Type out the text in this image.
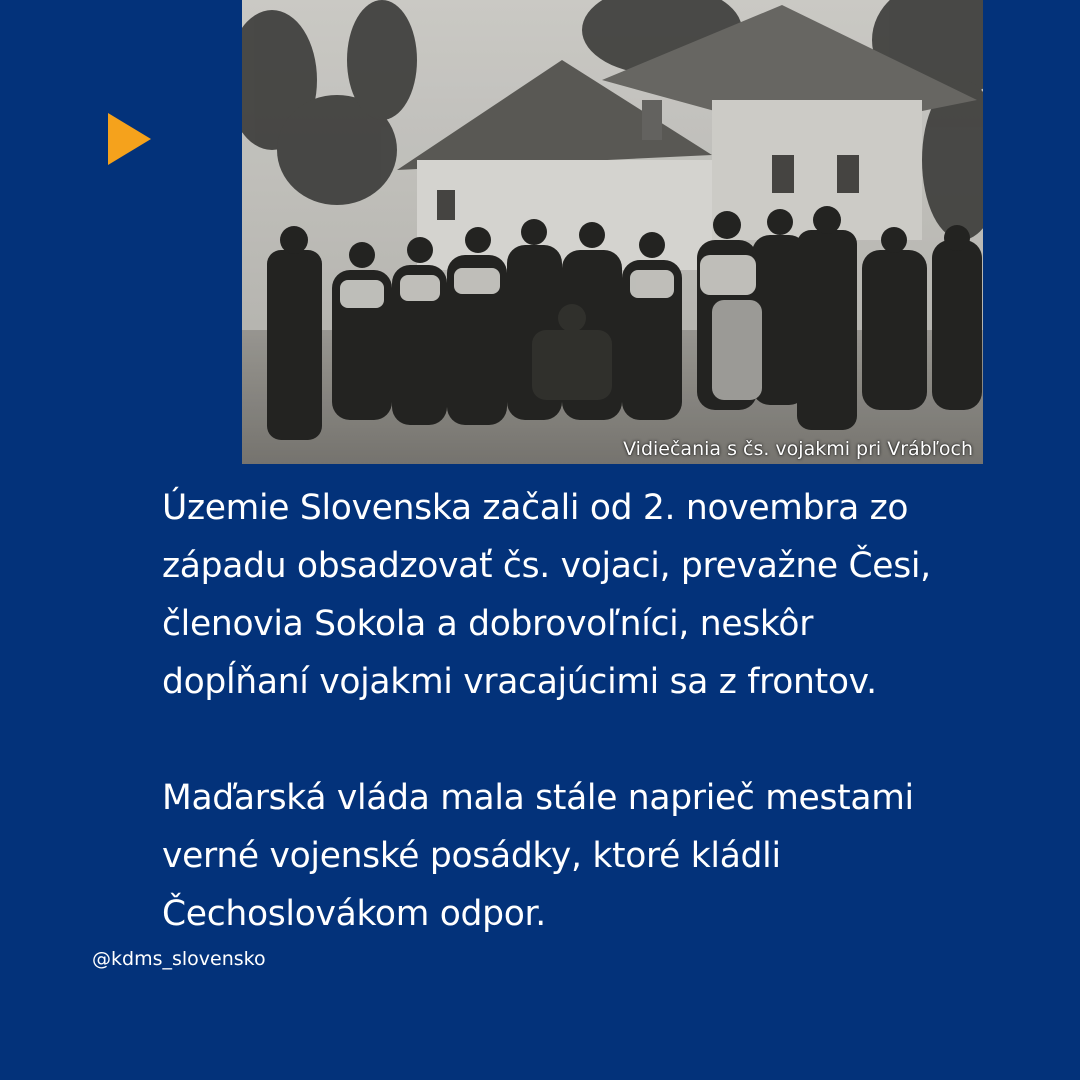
Vidiečania s čs. vojakmi pri Vrábľoch

Územie Slovenska začali od 2. novembra zo
západu obsadzovať čs. vojaci, prevažne Česi,
členovia Sokola a dobrovoľníci, neskôr
dopĺňaní vojakmi vracajúcimi sa z frontov.

Maďarská vláda mala stále naprieč mestami
verné vojenské posádky, ktoré kládli
Čechoslovákom odpor.

@kdms_slovensko
